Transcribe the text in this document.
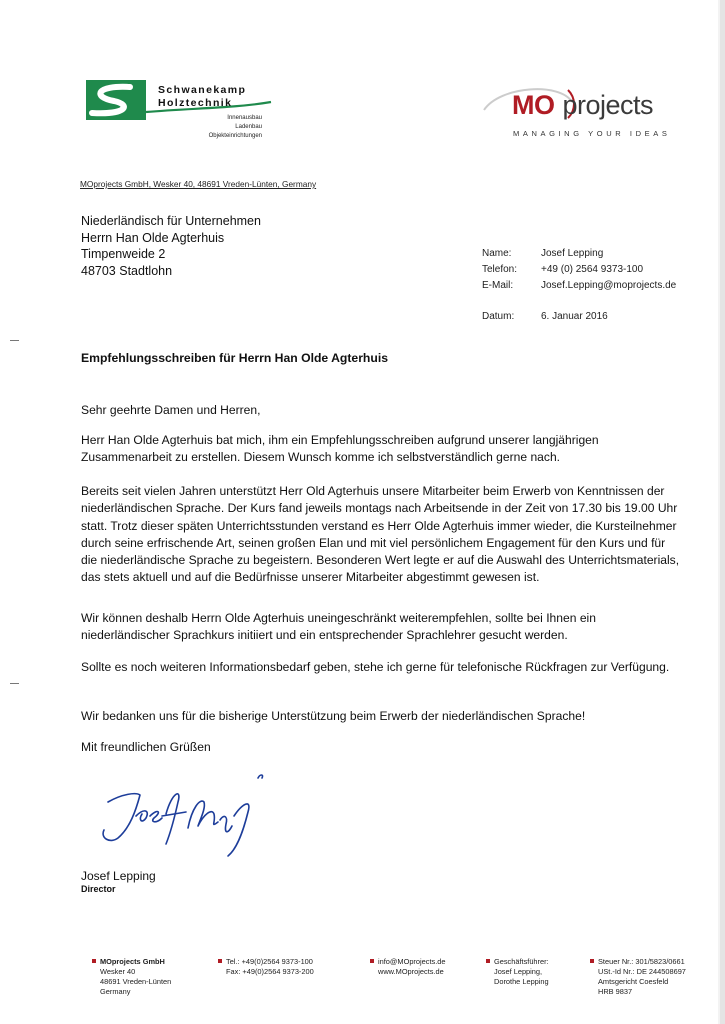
Schwanekamp
Holztechnik
Innenausbau
Ladenbau
Objekteinrichtungen
MO projects
MANAGING YOUR IDEAS
MOprojects GmbH, Wesker 40, 48691 Vreden-Lünten, Germany
Niederländisch für Unternehmen
Herrn Han Olde Agterhuis
Timpenweide 2
48703 Stadtlohn
Name:	Josef Lepping
Telefon: +49 (0) 2564 9373-100
E-Mail:	Josef.Lepping@moprojects.de
Datum:	6. Januar 2016
Empfehlungsschreiben für Herrn Han Olde Agterhuis

Sehr geehrte Damen und Herren,

Herr Han Olde Agterhuis bat mich, ihm ein Empfehlungsschreiben aufgrund unserer langjährigen Zusammenarbeit zu erstellen. Diesem Wunsch komme ich selbstverständlich gerne nach.

Bereits seit vielen Jahren unterstützt Herr Old Agterhuis unsere Mitarbeiter beim Erwerb von Kenntnissen der niederländischen Sprache. Der Kurs fand jeweils montags nach Arbeitsende in der Zeit von 17.30 bis 19.00 Uhr statt. Trotz dieser späten Unterrichtsstunden verstand es Herr Olde Agterhuis immer wieder, die Kursteilnehmer durch seine erfrischende Art, seinen großen Elan und mit viel persönlichem Engagement für den Kurs und für die niederländische Sprache zu begeistern. Besonderen Wert legte er auf die Auswahl des Unterrichtsmaterials, das stets aktuell und auf die Bedürfnisse unserer Mitarbeiter abgestimmt gewesen ist.

Wir können deshalb Herrn Olde Agterhuis uneingeschränkt weiterempfehlen, sollte bei Ihnen ein niederländischer Sprachkurs initiiert und ein entsprechender Sprachlehrer gesucht werden.

Sollte es noch weiteren Informationsbedarf geben, stehe ich gerne für telefonische Rückfragen zur Verfügung.

Wir bedanken uns für die bisherige Unterstützung beim Erwerb der niederländischen Sprache!

Mit freundlichen Grüßen

Josef Lepping
Director
MOprojects GmbH
Wesker 40
48691 Vreden-Lünten
Germany
Tel.: +49(0)2564 9373-100
Fax: +49(0)2564 9373-200
info@MOprojects.de
www.MOprojects.de
Geschäftsführer:
Josef Lepping,
Dorothe Lepping
Steuer Nr.: 301/5823/0661
USt.-Id Nr.: DE 244508697
Amtsgericht Coesfeld
HRB 9837
